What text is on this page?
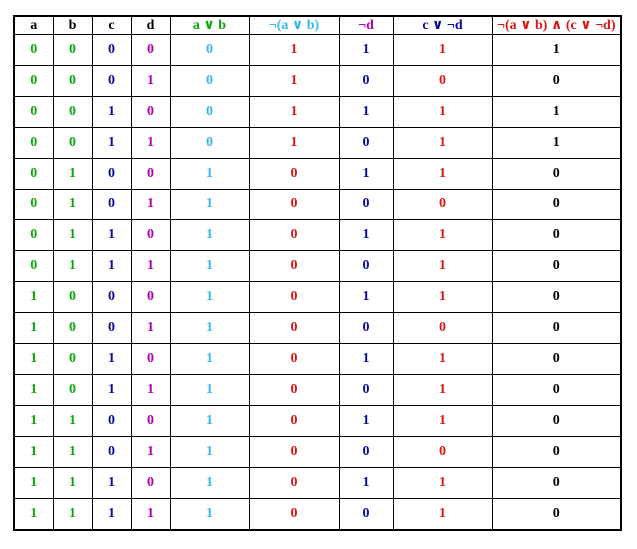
a	b	c	d	a ∨ b	¬(a ∨ b)	¬d	c ∨ ¬d	¬(a ∨ b) ∧ (c ∨ ¬d)
0	0	0	0	0	1	1	1	1
0	0	0	1	0	1	0	0	0
0	0	1	0	0	1	1	1	1
0	0	1	1	0	1	0	1	1
0	1	0	0	1	0	1	1	0
0	1	0	1	1	0	0	0	0
0	1	1	0	1	0	1	1	0
0	1	1	1	1	0	0	1	0
1	0	0	0	1	0	1	1	0
1	0	0	1	1	0	0	0	0
1	0	1	0	1	0	1	1	0
1	0	1	1	1	0	0	1	0
1	1	0	0	1	0	1	1	0
1	1	0	1	1	0	0	0	0
1	1	1	0	1	0	1	1	0
1	1	1	1	1	0	0	1	0
